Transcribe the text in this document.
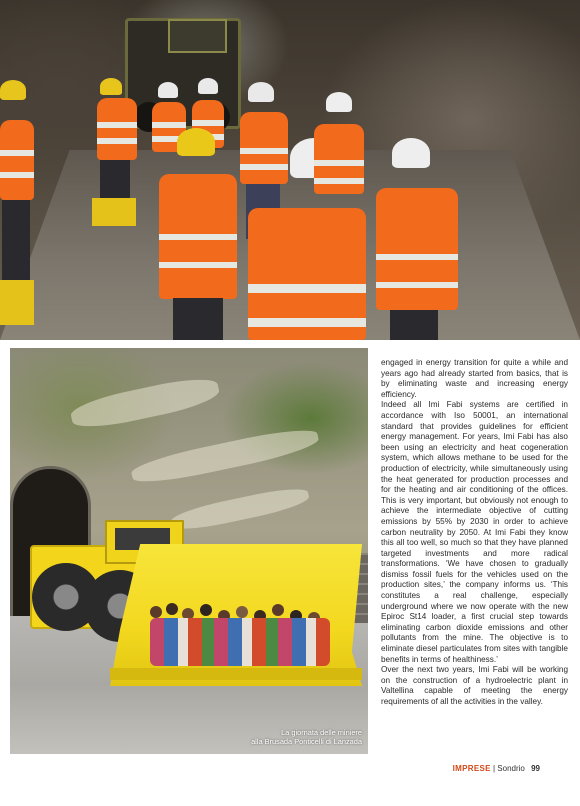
La giornata delle miniere
alla Brusada Ponticelli di Lanzada

engaged in energy transition for quite a while and years ago had already started from basics, that is by eliminating waste and increasing energy efficiency.

Indeed all Imi Fabi systems are certified in accordance with Iso 50001, an international standard that provides guidelines for efficient energy management. For years, Imi Fabi has also been using an electricity and heat cogeneration system, which allows methane to be used for the production of electricity, while simultaneously using the heat generated for production processes and for the heating and air conditioning of the offices. This is very important, but obviously not enough to achieve the intermediate objective of cutting emissions by 55% by 2030 in order to achieve carbon neutrality by 2050. At Imi Fabi they know this all too well, so much so that they have planned targeted investments and more radical transformations. ‘We have chosen to gradually dismiss fossil fuels for the vehicles used on the production sites,’ the company informs us. ‘This constitutes a real challenge, especially underground where we now operate with the new Epiroc St14 loader, a first crucial step towards eliminating carbon dioxide emissions and other pollutants from the mine. The objective is to eliminate diesel particulates from sites with tangible benefits in terms of healthiness.’

Over the next two years, Imi Fabi will be working on the construction of a hydroelectric plant in Valtellina capable of meeting the energy requirements of all the activities in the valley.

IMPRESE | Sondrio 99
